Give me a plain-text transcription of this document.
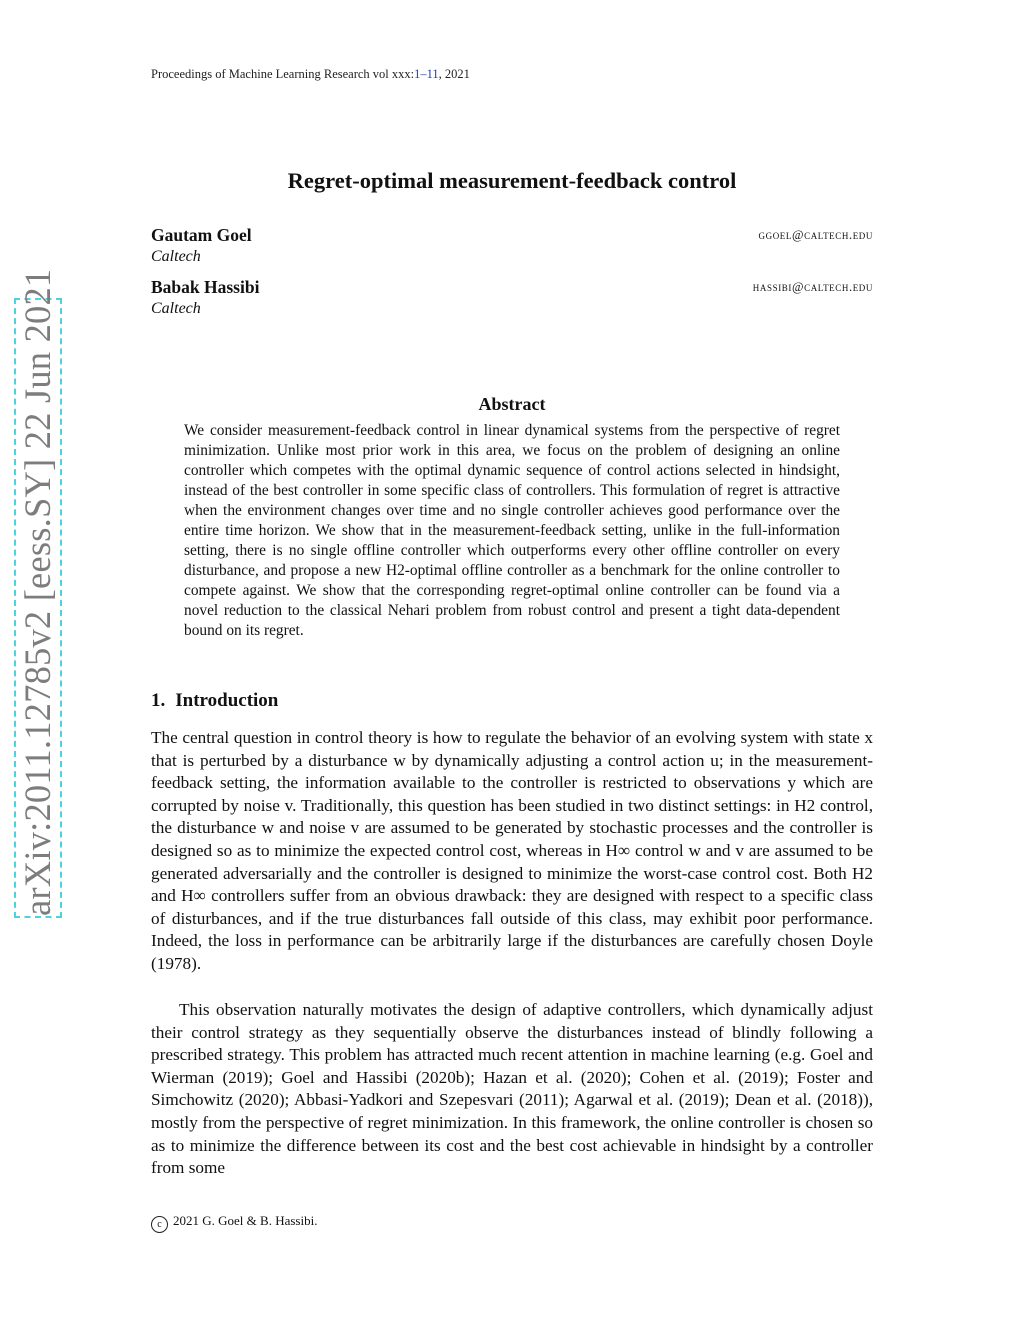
Proceedings of Machine Learning Research vol xxx:1–11, 2021
Regret-optimal measurement-feedback control
Gautam Goel	ggoel@caltech.edu
Caltech
Babak Hassibi	hassibi@caltech.edu
Caltech
arXiv:2011.12785v2 [eess.SY] 22 Jun 2021	Abstract
We consider measurement-feedback control in linear dynamical systems from the perspective of regret minimization. Unlike most prior work in this area, we focus on the problem of designing an online controller which competes with the optimal dynamic sequence of control actions selected in hindsight, instead of the best controller in some specific class of controllers. This formulation of regret is attractive when the environment changes over time and no single controller achieves good performance over the entire time horizon. We show that in the measurement-feedback setting, unlike in the full-information setting, there is no single offline controller which outperforms every other offline controller on every disturbance, and propose a new H2-optimal offline controller as a benchmark for the online controller to compete against. We show that the corresponding regret-optimal online controller can be found via a novel reduction to the classical Nehari problem from robust control and present a tight data-dependent bound on its regret.
1. Introduction
The central question in control theory is how to regulate the behavior of an evolving system with state x that is perturbed by a disturbance w by dynamically adjusting a control action u; in the measurement-feedback setting, the information available to the controller is restricted to observations y which are corrupted by noise v. Traditionally, this question has been studied in two distinct settings: in H2 control, the disturbance w and noise v are assumed to be generated by stochastic processes and the controller is designed so as to minimize the expected control cost, whereas in H∞ control w and v are assumed to be generated adversarially and the controller is designed to minimize the worst-case control cost. Both H2 and H∞ controllers suffer from an obvious drawback: they are designed with respect to a specific class of disturbances, and if the true disturbances fall outside of this class, may exhibit poor performance. Indeed, the loss in performance can be arbitrarily large if the disturbances are carefully chosen Doyle (1978).
This observation naturally motivates the design of adaptive controllers, which dynamically adjust their control strategy as they sequentially observe the disturbances instead of blindly following a prescribed strategy. This problem has attracted much recent attention in machine learning (e.g. Goel and Wierman (2019); Goel and Hassibi (2020b); Hazan et al. (2020); Cohen et al. (2019); Foster and Simchowitz (2020); Abbasi-Yadkori and Szepesvari (2011); Agarwal et al. (2019); Dean et al. (2018)), mostly from the perspective of regret minimization. In this framework, the online controller is chosen so as to minimize the difference between its cost and the best cost achievable in hindsight by a controller from some
c 2021 G. Goel & B. Hassibi.
